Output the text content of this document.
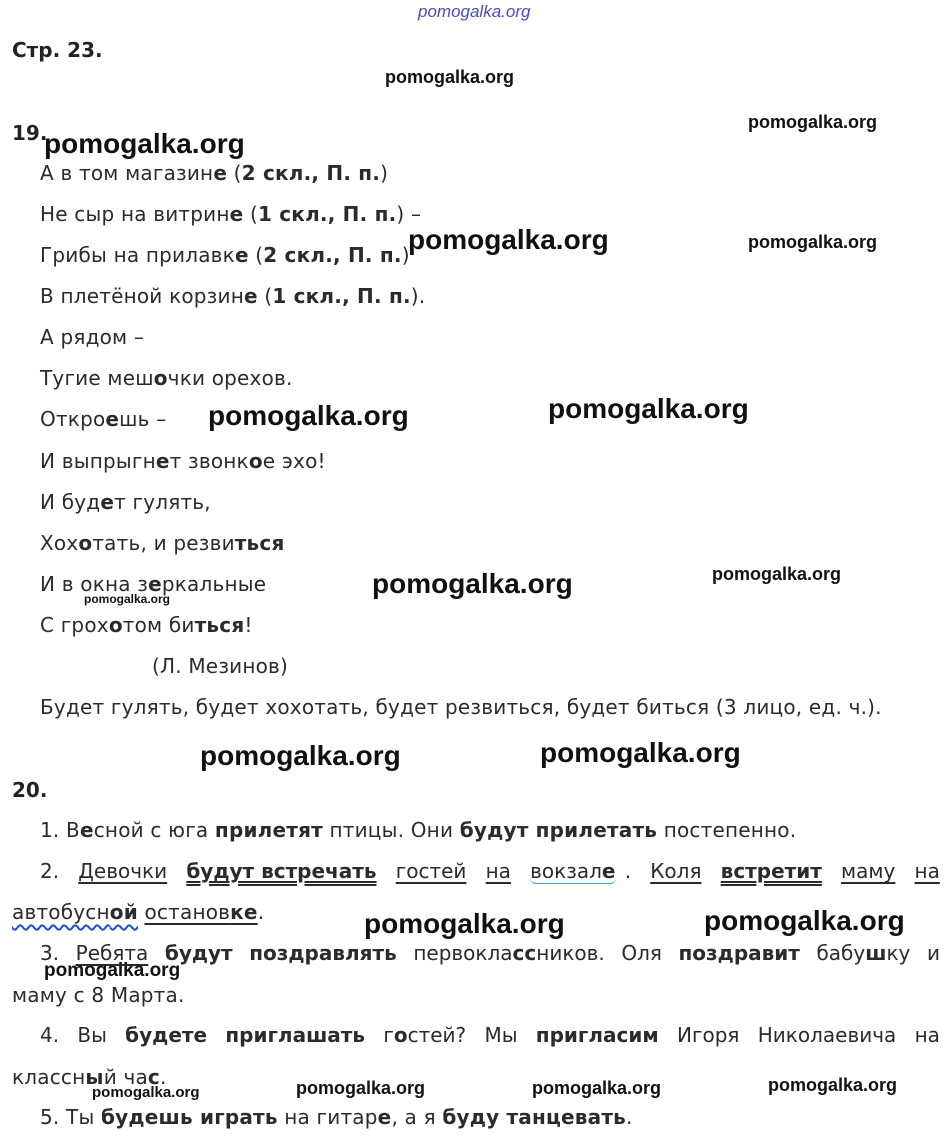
pomogalka.org
pomogalka.org
pomogalka.org
pomogalka.org
pomogalka.org	pomogalka.org
pomogalka.org	pomogalka.org
pomogalka.org	pomogalka.org
pomogalka.org
pomogalka.org	pomogalka.org
pomogalka.org	pomogalka.org
pomogalka.org
pomogalka.org	pomogalka.org	pomogalka.org
pomogalka.org
Стр. 23.
19.
А в том магазине (2 скл., П. п.)
Не сыр на витрине (1 скл., П. п.) –
Грибы на прилавке (2 скл., П. п.)
В плетёной корзине (1 скл., П. п.).
А рядом –
Тугие мешочки орехов.
Откроешь –
И выпрыгнет звонкое эхо!
И будет гулять,
Хохотать, и резвиться
И в окна зеркальные
С грохотом биться!
(Л. Мезинов)
Будет гулять, будет хохотать, будет резвиться, будет биться (3 лицо, ед. ч.).
20.
1. Весной с юга прилетят птицы. Они будут прилетать постепенно.
2. Девочки будут встречать гостей на вокзале . Коля встретит маму на
автобусной остановке.
3. Ребята будут поздравлять первоклaссников. Оля поздравит бабушку и
маму с 8 Марта.
4. Вы будете приглашать гостей? Мы пригласим Игоря Николаевича на
классный час.
5. Ты будешь играть на гитаре, а я буду танцевать.
